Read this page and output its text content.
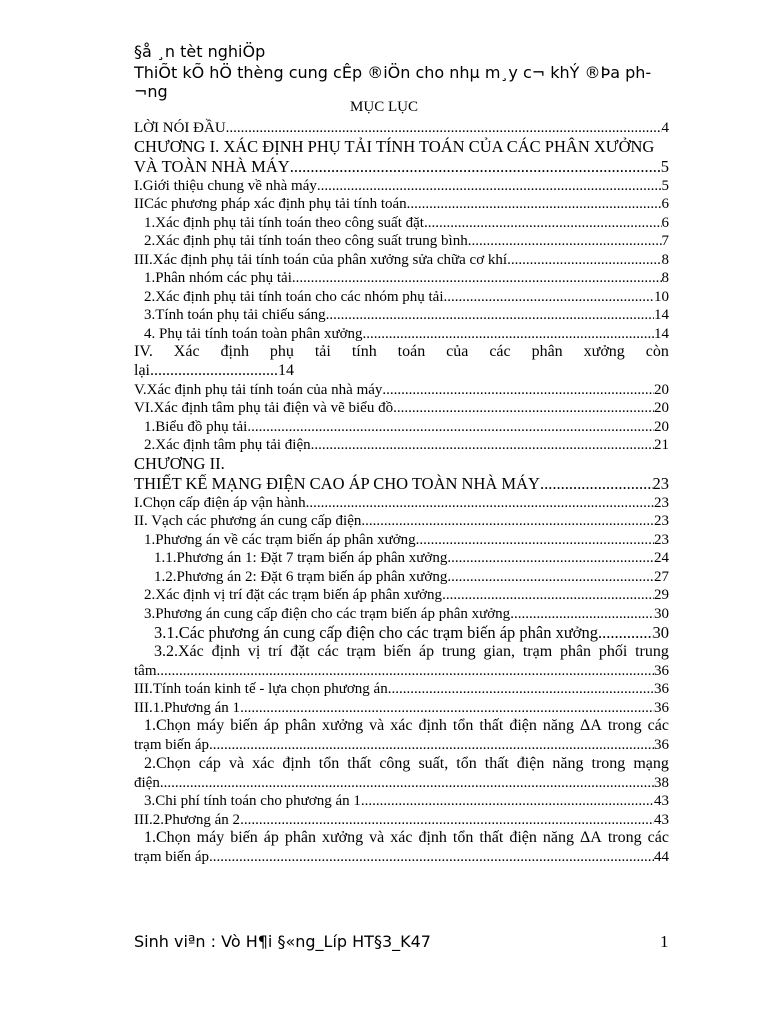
§å ¸n tèt nghiÖp
ThiÕt kÕ hÖ thèng cung cÊp ®iÖn cho nhµ m¸y c¬ khÝ ®Þa ph-
¬ng
MỤC LỤC
LỜI NÓI ĐẦU .....	4
CHƯƠNG I. XÁC ĐỊNH PHỤ TẢI TÍNH TOÁN CỦA CÁC PHÂN XƯỞNG
VÀ TOÀN NHÀ MÁY .....	5
I.Giới thiệu chung về nhà máy .....	5
IICác phương pháp xác định phụ tải tính toán .....	6
1.Xác định phụ tải tính toán theo công suất đặt .....	6
2.Xác định phụ tải tính toán theo công suất trung bình .....	7
III.Xác định phụ tải tính toán của phân xưởng sửa chữa cơ khí .....	8
1.Phân nhóm các phụ tải .....	8
2.Xác định phụ tải tính toán cho các nhóm phụ tải .....	10
3.Tính toán phụ tải chiếu sáng .....	14
4. Phụ tải tính toán toàn phân xưởng .....	14
IV. Xác định phụ tải tính toán của các phân xưởng còn
lại................................14
V.Xác định phụ tải tính toán của nhà máy .....	20
VI.Xác định tâm phụ tải điện và vẽ biểu đồ .....	20
1.Biểu đồ phụ tải .....	20
2.Xác định tâm phụ tải điện .....	21
CHƯƠNG II.
THIẾT KẾ MẠNG ĐIỆN CAO ÁP CHO TOÀN NHÀ MÁY .....	23
I.Chọn cấp điện áp vận hành .....	23
II. Vạch các phương án cung cấp điện .....	23
1.Phương án về các trạm biến áp phân xưởng .....	23
1.1.Phương án 1: Đặt 7 trạm biến áp phân xưởng .....	24
1.2.Phương án 2: Đặt 6 trạm biến áp phân xưởng .....	27
2.Xác định vị trí đặt các trạm biến áp phân xưởng .....	29
3.Phương án cung cấp điện cho các trạm biến áp phân xưởng .....	30
3.1.Các phương án cung cấp điện cho các trạm biến áp phân xưởng .....	30
3.2.Xác định vị trí đặt các trạm biến áp trung gian, trạm phân phối trung
tâm .....	36
III.Tính toán kinh tế - lựa chọn phương án .....	36
III.1.Phương án 1 .....	36
1.Chọn máy biến áp phân xưởng và xác định tổn thất điện năng ΔA trong các
trạm biến áp .....	36
2.Chọn cáp và xác định tổn thất công suất, tổn thất điện năng trong mạng
điện .....	38
3.Chi phí tính toán cho phương án 1 .....	43
III.2.Phương án 2 .....	43
1.Chọn máy biến áp phân xưởng và xác định tổn thất điện năng ΔA trong các
trạm biến áp .....	44
Sinh viªn : Vò H¶i §«ng_Líp HT§3_K47	1
